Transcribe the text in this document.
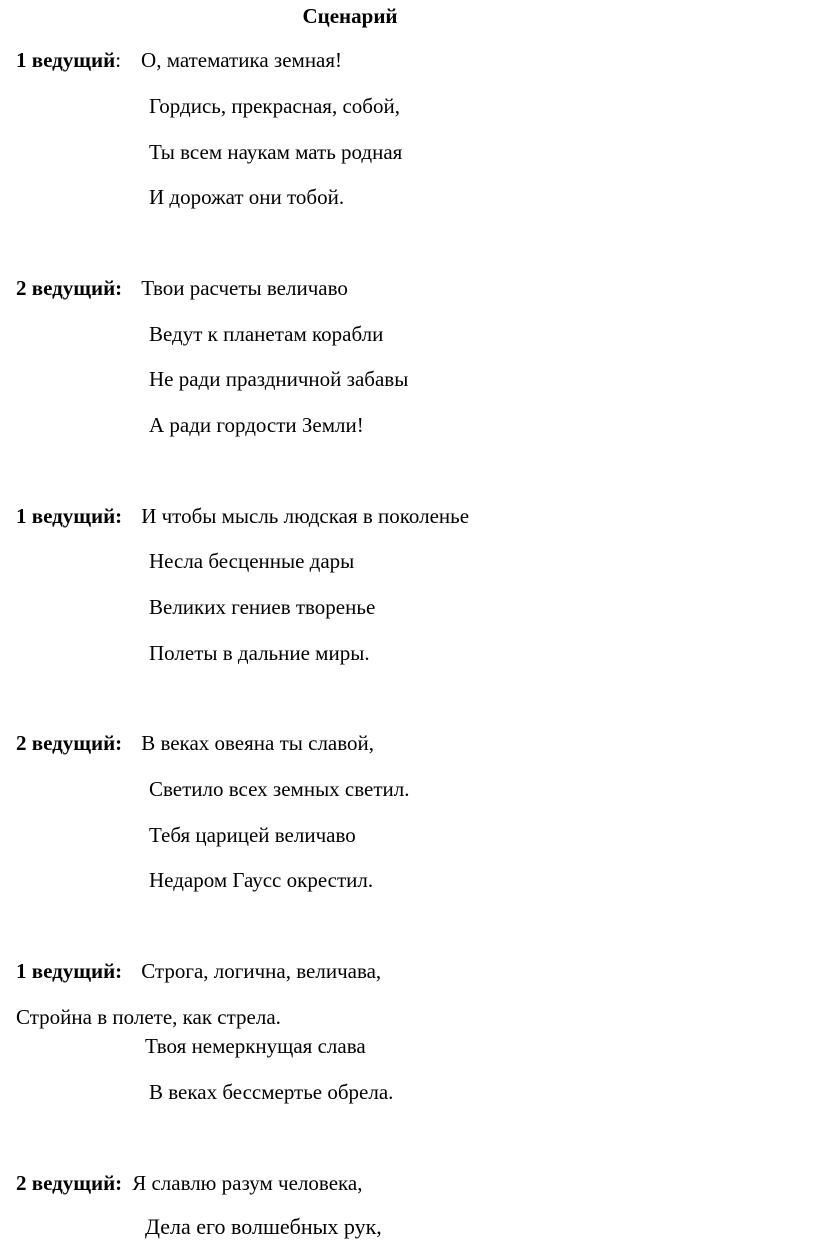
Сценарий
1 ведущий: О, математика земная!
Гордись, прекрасная, собой,
Ты всем наукам мать родная
И дорожат они тобой.
2 ведущий: Твои расчеты величаво
Ведут к планетам корабли
Не ради праздничной забавы
А ради гордости Земли!
1 ведущий: И чтобы мысль людская в поколенье
Несла бесценные дары
Великих гениев творенье
Полеты в дальние миры.
2 ведущий: В веках овеяна ты славой,
Светило всех земных светил.
Тебя царицей величаво
Недаром Гаусс окрестил.
1 ведущий: Строга, логична, величава,
Стройна в полете, как стрела.
Твоя немеркнущая слава
В веках бессмертье обрела.
2 ведущий: Я славлю разум человека,
Дела его волшебных рук,
